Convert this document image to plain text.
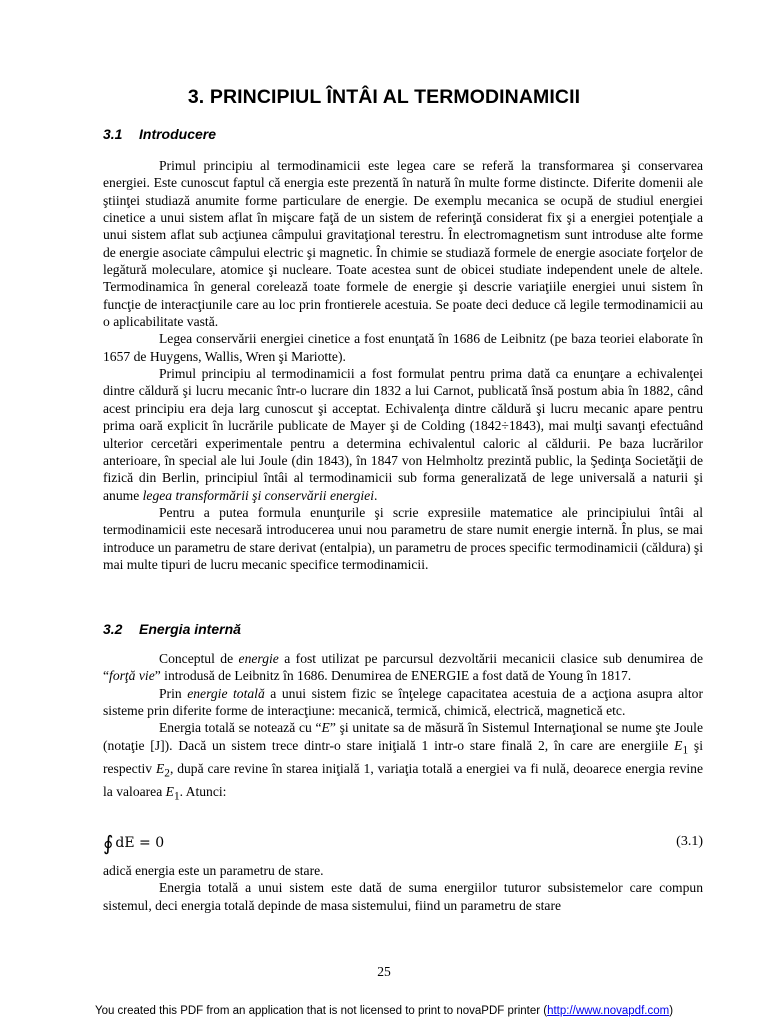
3. PRINCIPIUL ÎNTÂI AL TERMODINAMICII
3.1 Introducere

Primul principiu al termodinamicii este legea care se referă la transformarea şi conservarea energiei. Este cunoscut faptul că energia este prezentă în natură în multe forme distincte. Diferite domenii ale ştiinţei studiază anumite forme particulare de energie. De exemplu mecanica se ocupă de studiul energiei cinetice a unui sistem aflat în mişcare faţă de un sistem de referinţă considerat fix şi a energiei potenţiale a unui sistem aflat sub acţiunea câmpului gravitaţional terestru. În electromagnetism sunt introduse alte forme de energie asociate câmpului electric şi magnetic. În chimie se studiază formele de energie asociate forţelor de legătură moleculare, atomice şi nucleare. Toate acestea sunt de obicei studiate independent unele de altele. Termodinamica în general corelează toate formele de energie şi descrie variaţiile energiei unui sistem în funcţie de interacţiunile care au loc prin frontierele acestuia. Se poate deci deduce că legile termodinamicii au o aplicabilitate vastă.

Legea conservării energiei cinetice a fost enunţată în 1686 de Leibnitz (pe baza teoriei elaborate în 1657 de Huygens, Wallis, Wren şi Mariotte).

Primul principiu al termodinamicii a fost formulat pentru prima dată ca enunţare a echivalenţei dintre căldură şi lucru mecanic într-o lucrare din 1832 a lui Carnot, publicată însă postum abia în 1882, când acest principiu era deja larg cunoscut şi acceptat. Echivalenţa dintre căldură şi lucru mecanic apare pentru prima oară explicit în lucrările publicate de Mayer şi de Colding (1842÷1843), mai mulţi savanţi efectuând ulterior cercetări experimentale pentru a determina echivalentul caloric al căldurii. Pe baza lucrărilor anterioare, în special ale lui Joule (din 1843), în 1847 von Helmholtz prezintă public, la Şedinţa Societăţii de fizică din Berlin, principiul întâi al termodinamicii sub forma generalizată de lege universală a naturii şi anume legea transformării şi conservării energiei.

Pentru a putea formula enunţurile şi scrie expresiile matematice ale principiului întâi al termodinamicii este necesară introducerea unui nou parametru de stare numit energie internă. În plus, se mai introduce un parametru de stare derivat (entalpia), un parametru de proces specific termodinamicii (căldura) şi mai multe tipuri de lucru mecanic specifice termodinamicii.

3.2 Energia internă

Conceptul de energie a fost utilizat pe parcursul dezvoltării mecanicii clasice sub denumirea de “forţă vie” introdusă de Leibnitz în 1686. Denumirea de ENERGIE a fost dată de Young în 1817.

Prin energie totală a unui sistem fizic se înţelege capacitatea acestuia de a acţiona asupra altor sisteme prin diferite forme de interacţiune: mecanică, termică, chimică, electrică, magnetică etc.

Energia totală se notează cu “E” şi unitate sa de măsură în Sistemul Internaţional se nume şte Joule (notaţie [J]). Dacă un sistem trece dintr-o stare iniţială 1 intr-o stare finală 2, în care are energiile $E_1$ şi respectiv $E_2$, după care revine în starea iniţială 1, variaţia totală a energiei va fi nulă, deoarece energia revine la valoarea $E_1$. Atunci:

∮ dE = 0	(3.1)

adică energia este un parametru de stare.

Energia totală a unui sistem este dată de suma energiilor tuturor subsistemelor care compun sistemul, deci energia totală depinde de masa sistemului, fiind un parametru de stare

25
You created this PDF from an application that is not licensed to print to novaPDF printer (http://www.novapdf.com)
